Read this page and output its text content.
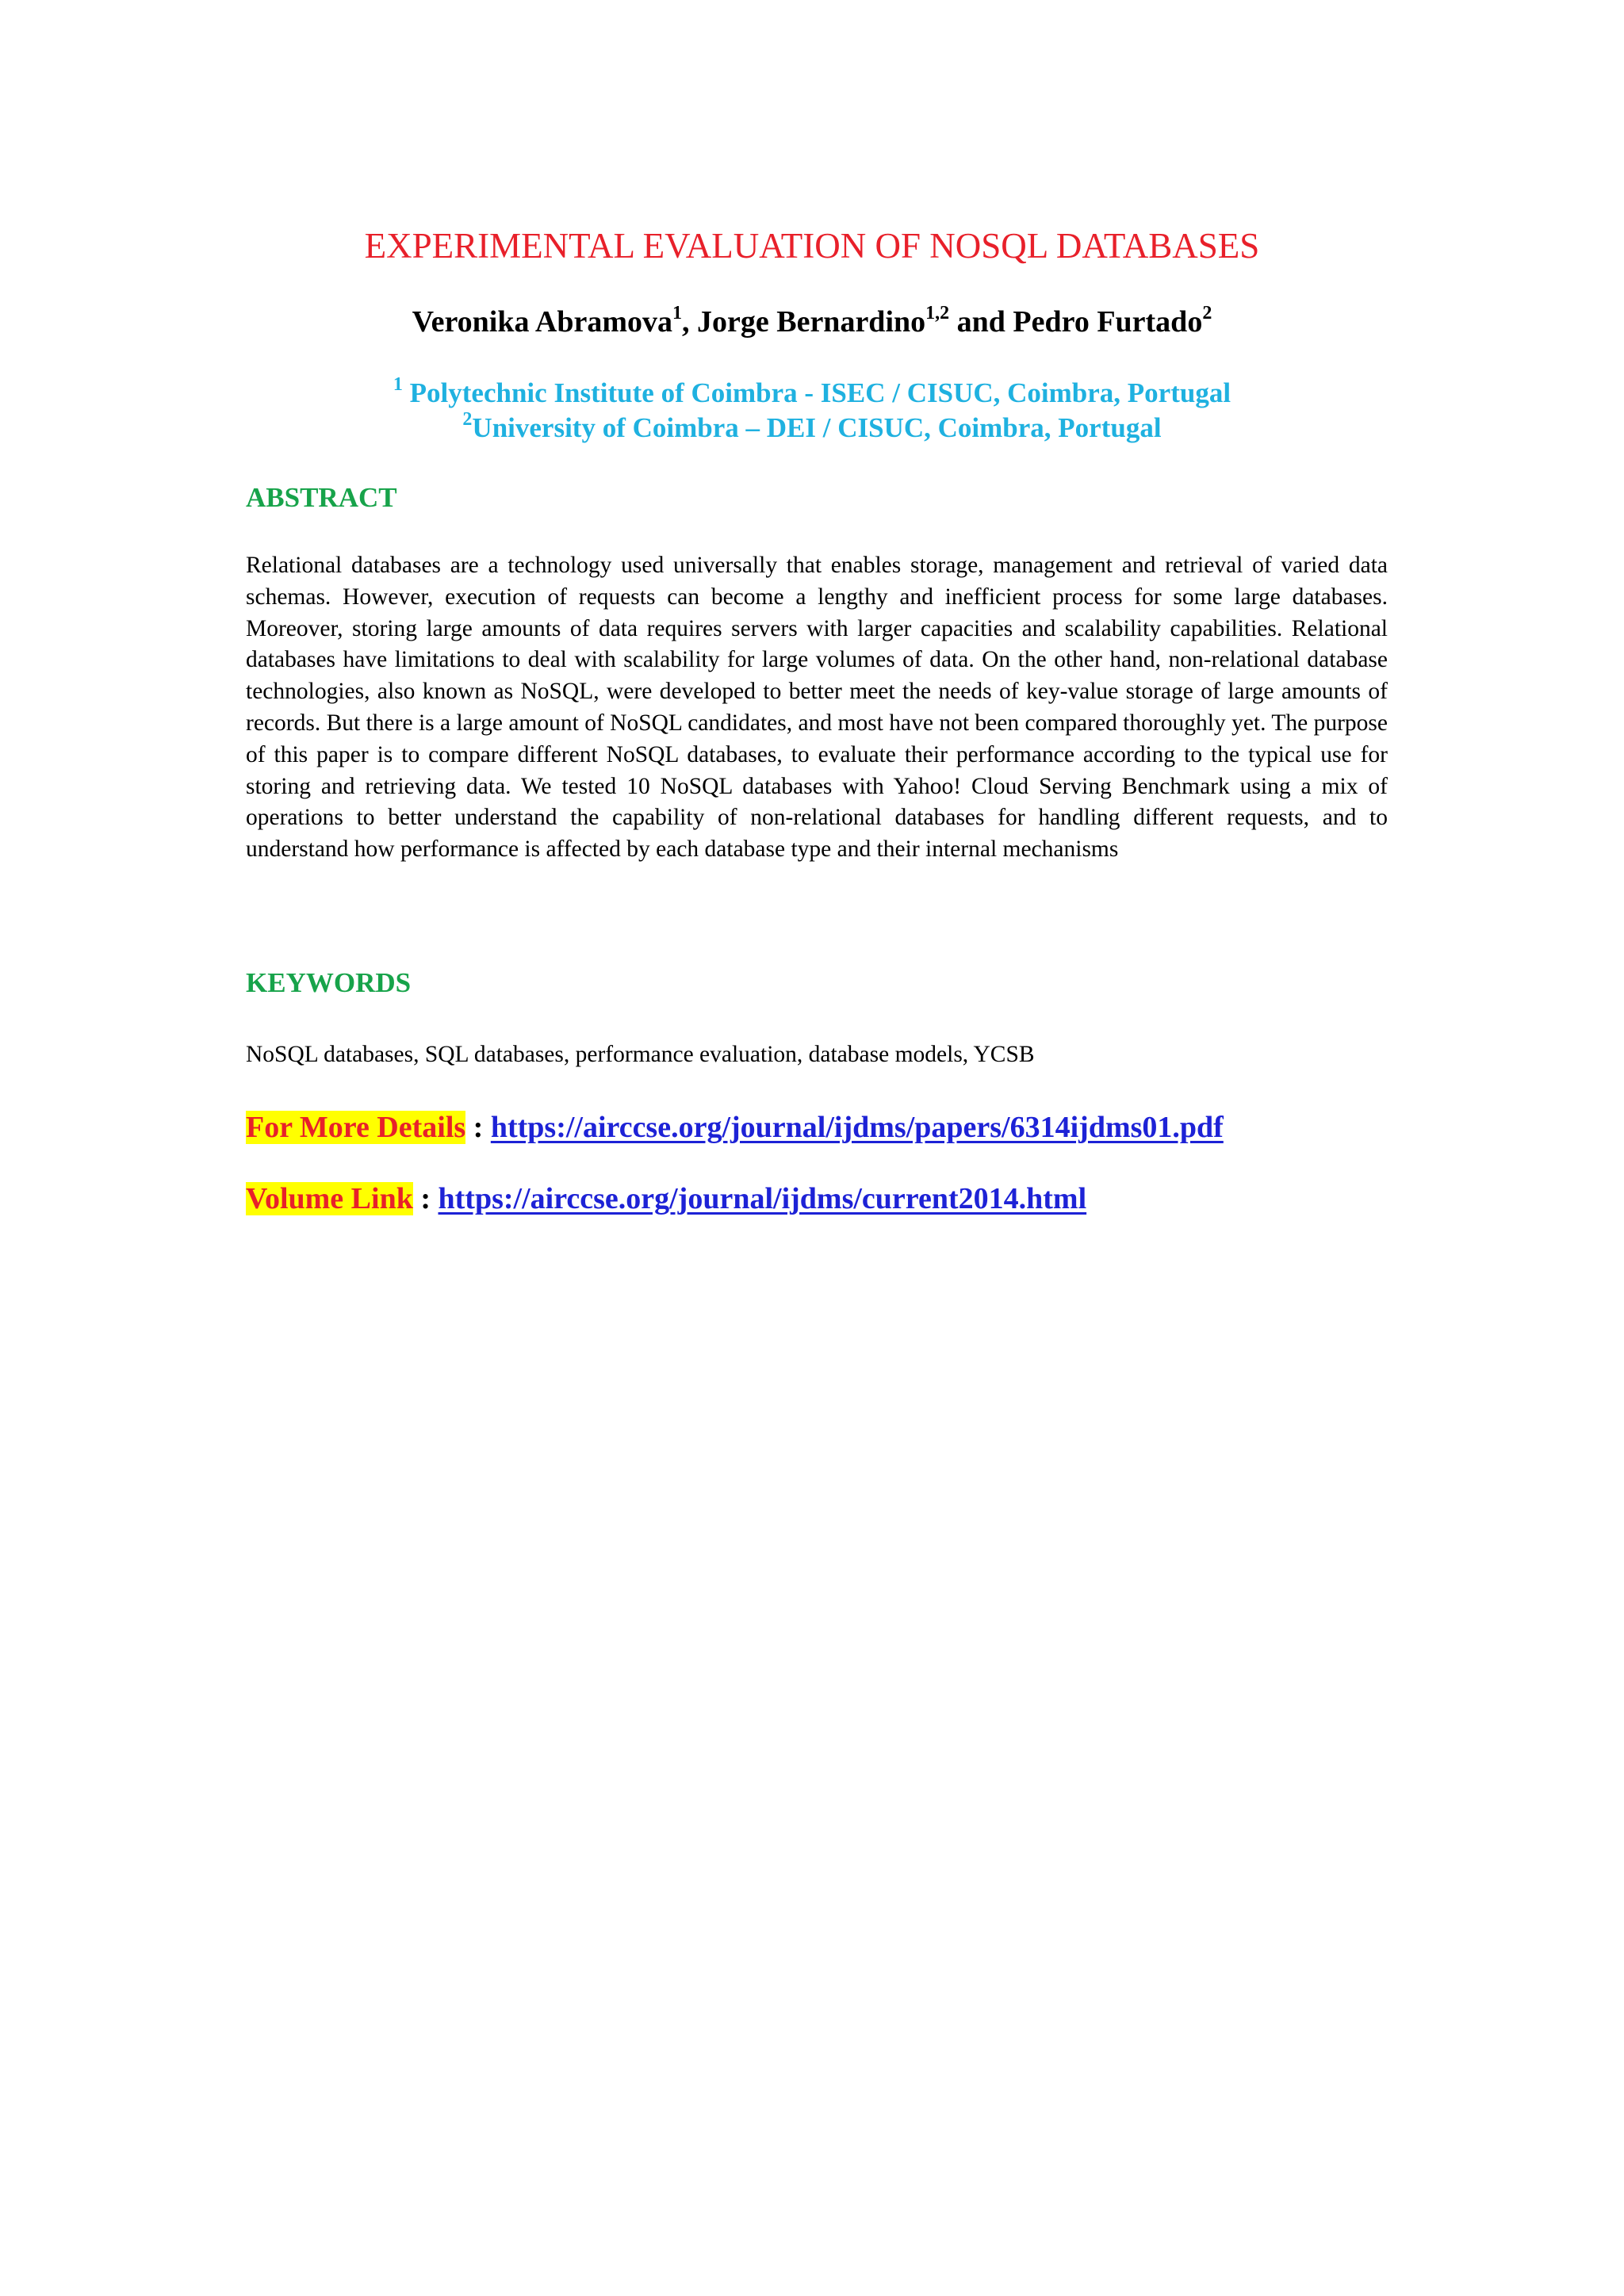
EXPERIMENTAL EVALUATION OF NOSQL DATABASES
Veronika Abramova$^1$, Jorge Bernardino$^{1,2}$ and Pedro Furtado$^2$
$^1$ Polytechnic Institute of Coimbra - ISEC / CISUC, Coimbra, Portugal
$^2$University of Coimbra – DEI / CISUC, Coimbra, Portugal
ABSTRACT
Relational databases are a technology used universally that enables storage, management and retrieval of varied data schemas. However, execution of requests can become a lengthy and inefficient process for some large databases. Moreover, storing large amounts of data requires servers with larger capacities and scalability capabilities. Relational databases have limitations to deal with scalability for large volumes of data. On the other hand, non-relational database technologies, also known as NoSQL, were developed to better meet the needs of key-value storage of large amounts of records. But there is a large amount of NoSQL candidates, and most have not been compared thoroughly yet. The purpose of this paper is to compare different NoSQL databases, to evaluate their performance according to the typical use for storing and retrieving data. We tested 10 NoSQL databases with Yahoo! Cloud Serving Benchmark using a mix of operations to better understand the capability of non-relational databases for handling different requests, and to understand how performance is affected by each database type and their internal mechanisms
KEYWORDS
NoSQL databases, SQL databases, performance evaluation, database models, YCSB
For More Details : https://airccse.org/journal/ijdms/papers/6314ijdms01.pdf
Volume Link : https://airccse.org/journal/ijdms/current2014.html
